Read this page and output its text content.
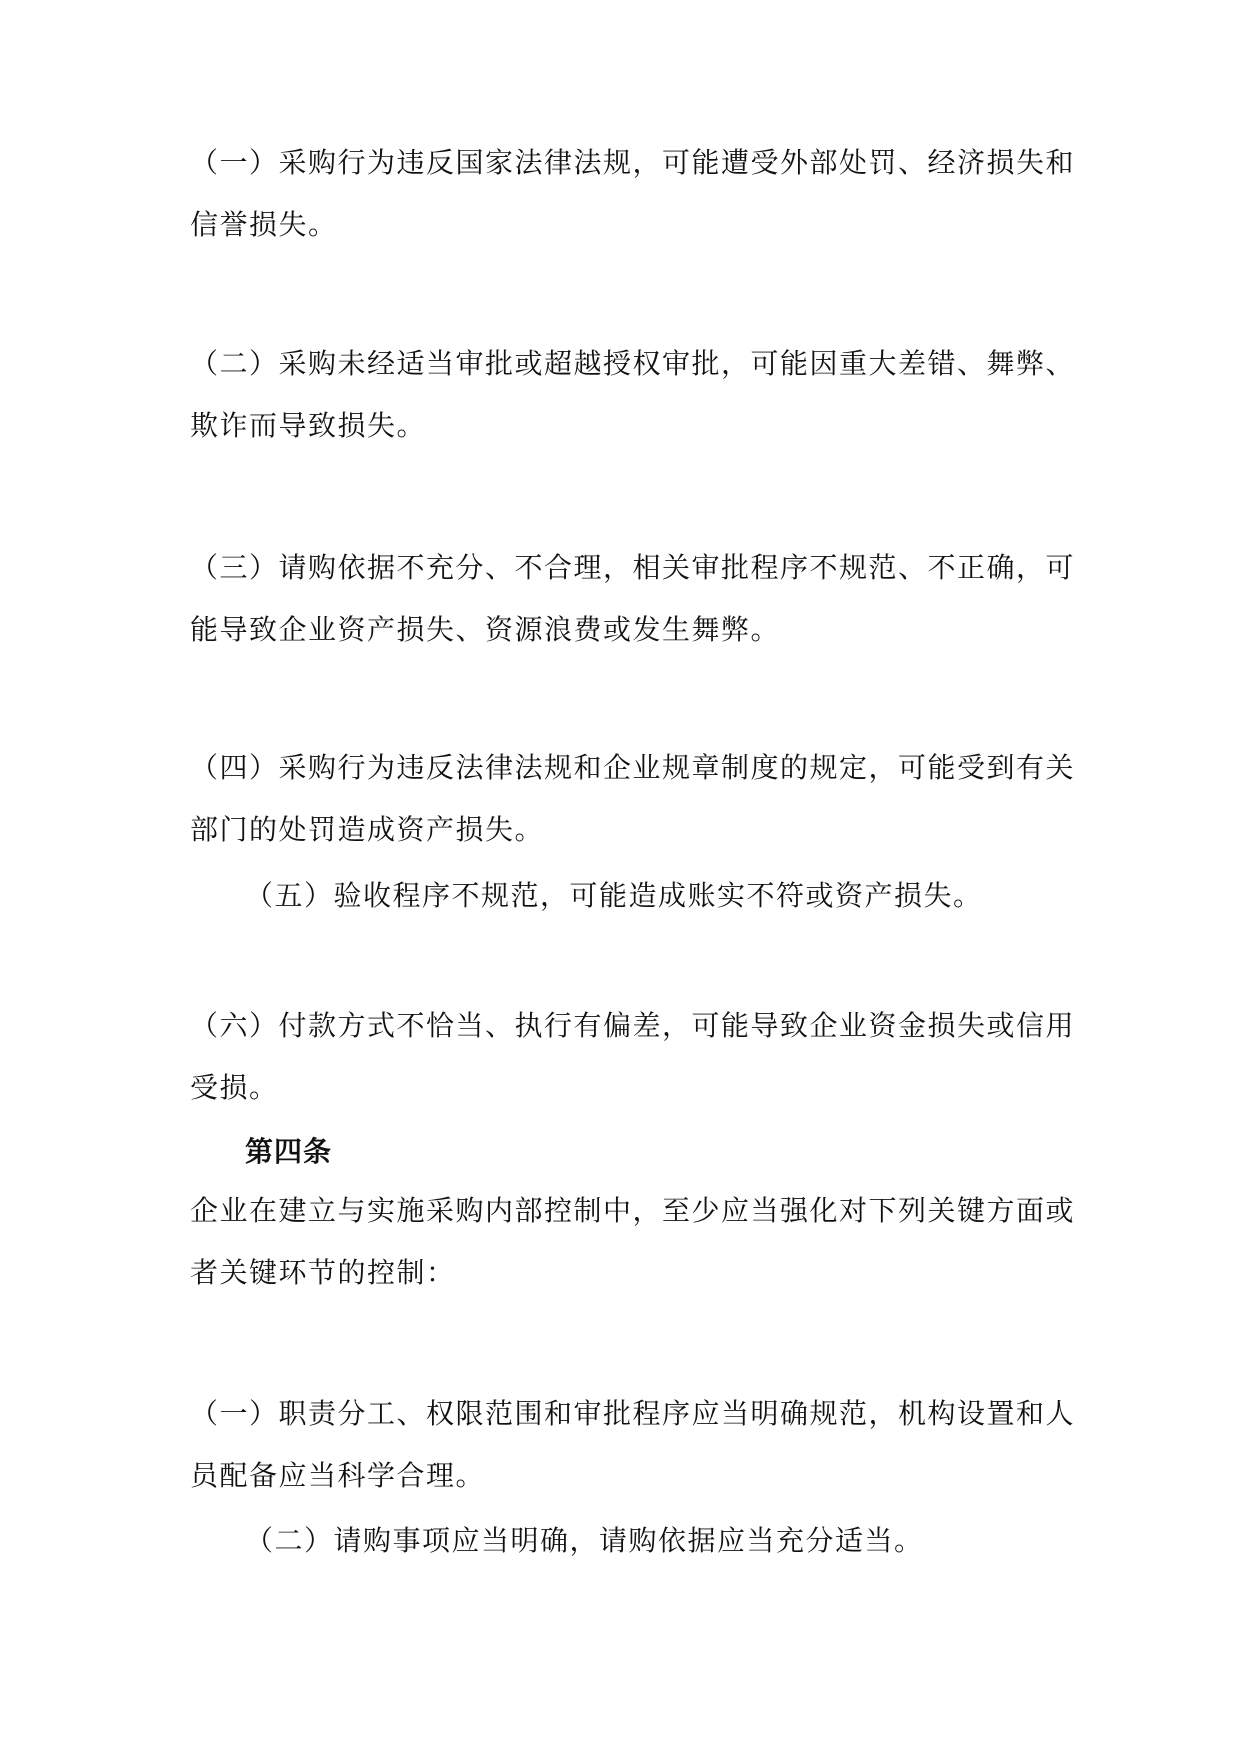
（一）采购行为违反国家法律法规，可能遭受外部处罚、经济损失和
信誉损失。

（二）采购未经适当审批或超越授权审批，可能因重大差错、舞弊、
欺诈而导致损失。

（三）请购依据不充分、不合理，相关审批程序不规范、不正确，可
能导致企业资产损失、资源浪费或发生舞弊。

（四）采购行为违反法律法规和企业规章制度的规定，可能受到有关
部门的处罚造成资产损失。

（五）验收程序不规范，可能造成账实不符或资产损失。

（六）付款方式不恰当、执行有偏差，可能导致企业资金损失或信用
受损。

第四条

企业在建立与实施采购内部控制中，至少应当强化对下列关键方面或
者关键环节的控制：

（一）职责分工、权限范围和审批程序应当明确规范，机构设置和人
员配备应当科学合理。

（二）请购事项应当明确，请购依据应当充分适当。
